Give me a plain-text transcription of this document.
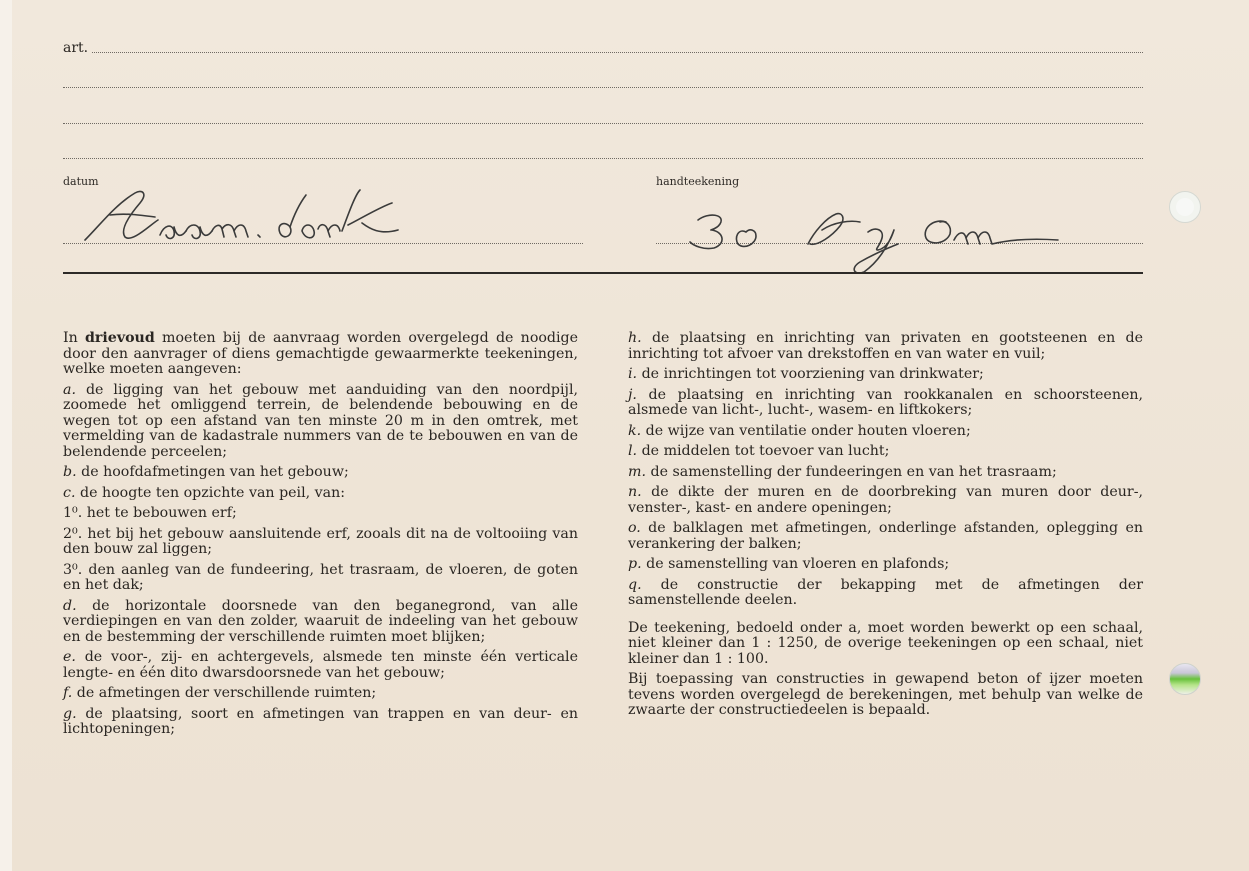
art.
datum	handteekening

In drievoud moeten bij de aanvraag worden overgelegd de noodige door den aanvrager of diens gemachtigde gewaarmerkte teekeningen, welke moeten aangeven:

a. de ligging van het gebouw met aanduiding van den noordpijl, zoomede het omliggend terrein, de belendende bebouwing en de wegen tot op een afstand van ten minste 20 m in den omtrek, met vermelding van de kadastrale nummers van de te bebouwen en van de belendende perceelen;

b. de hoofdafmetingen van het gebouw;

c. de hoogte ten opzichte van peil, van:

1⁰. het te bebouwen erf;

2⁰. het bij het gebouw aansluitende erf, zooals dit na de voltooiing van den bouw zal liggen;

3⁰. den aanleg van de fundeering, het trasraam, de vloeren, de goten en het dak;

d. de horizontale doorsnede van den beganegrond, van alle verdiepingen en van den zolder, waaruit de indeeling van het gebouw en de bestemming der verschillende ruimten moet blijken;

e. de voor-, zij- en achtergevels, alsmede ten minste één verticale lengte- en één dito dwarsdoorsnede van het gebouw;

f. de afmetingen der verschillende ruimten;

g. de plaatsing, soort en afmetingen van trappen en van deur- en lichtopeningen;

h. de plaatsing en inrichting van privaten en gootsteenen en de inrichting tot afvoer van drekstoffen en van water en vuil;

i. de inrichtingen tot voorziening van drinkwater;

j. de plaatsing en inrichting van rookkanalen en schoorsteenen, alsmede van licht-, lucht-, wasem- en liftkokers;

k. de wijze van ventilatie onder houten vloeren;

l. de middelen tot toevoer van lucht;

m. de samenstelling der fundeeringen en van het trasraam;

n. de dikte der muren en de doorbreking van muren door deur-, venster-, kast- en andere openingen;

o. de balklagen met afmetingen, onderlinge afstanden, oplegging en verankering der balken;

p. de samenstelling van vloeren en plafonds;

q. de constructie der bekapping met de afmetingen der samenstellende deelen.

De teekening, bedoeld onder a, moet worden bewerkt op een schaal, niet kleiner dan 1 : 1250, de overige teekeningen op een schaal, niet kleiner dan 1 : 100.

Bij toepassing van constructies in gewapend beton of ijzer moeten tevens worden overgelegd de berekeningen, met behulp van welke de zwaarte der constructiedeelen is bepaald.
